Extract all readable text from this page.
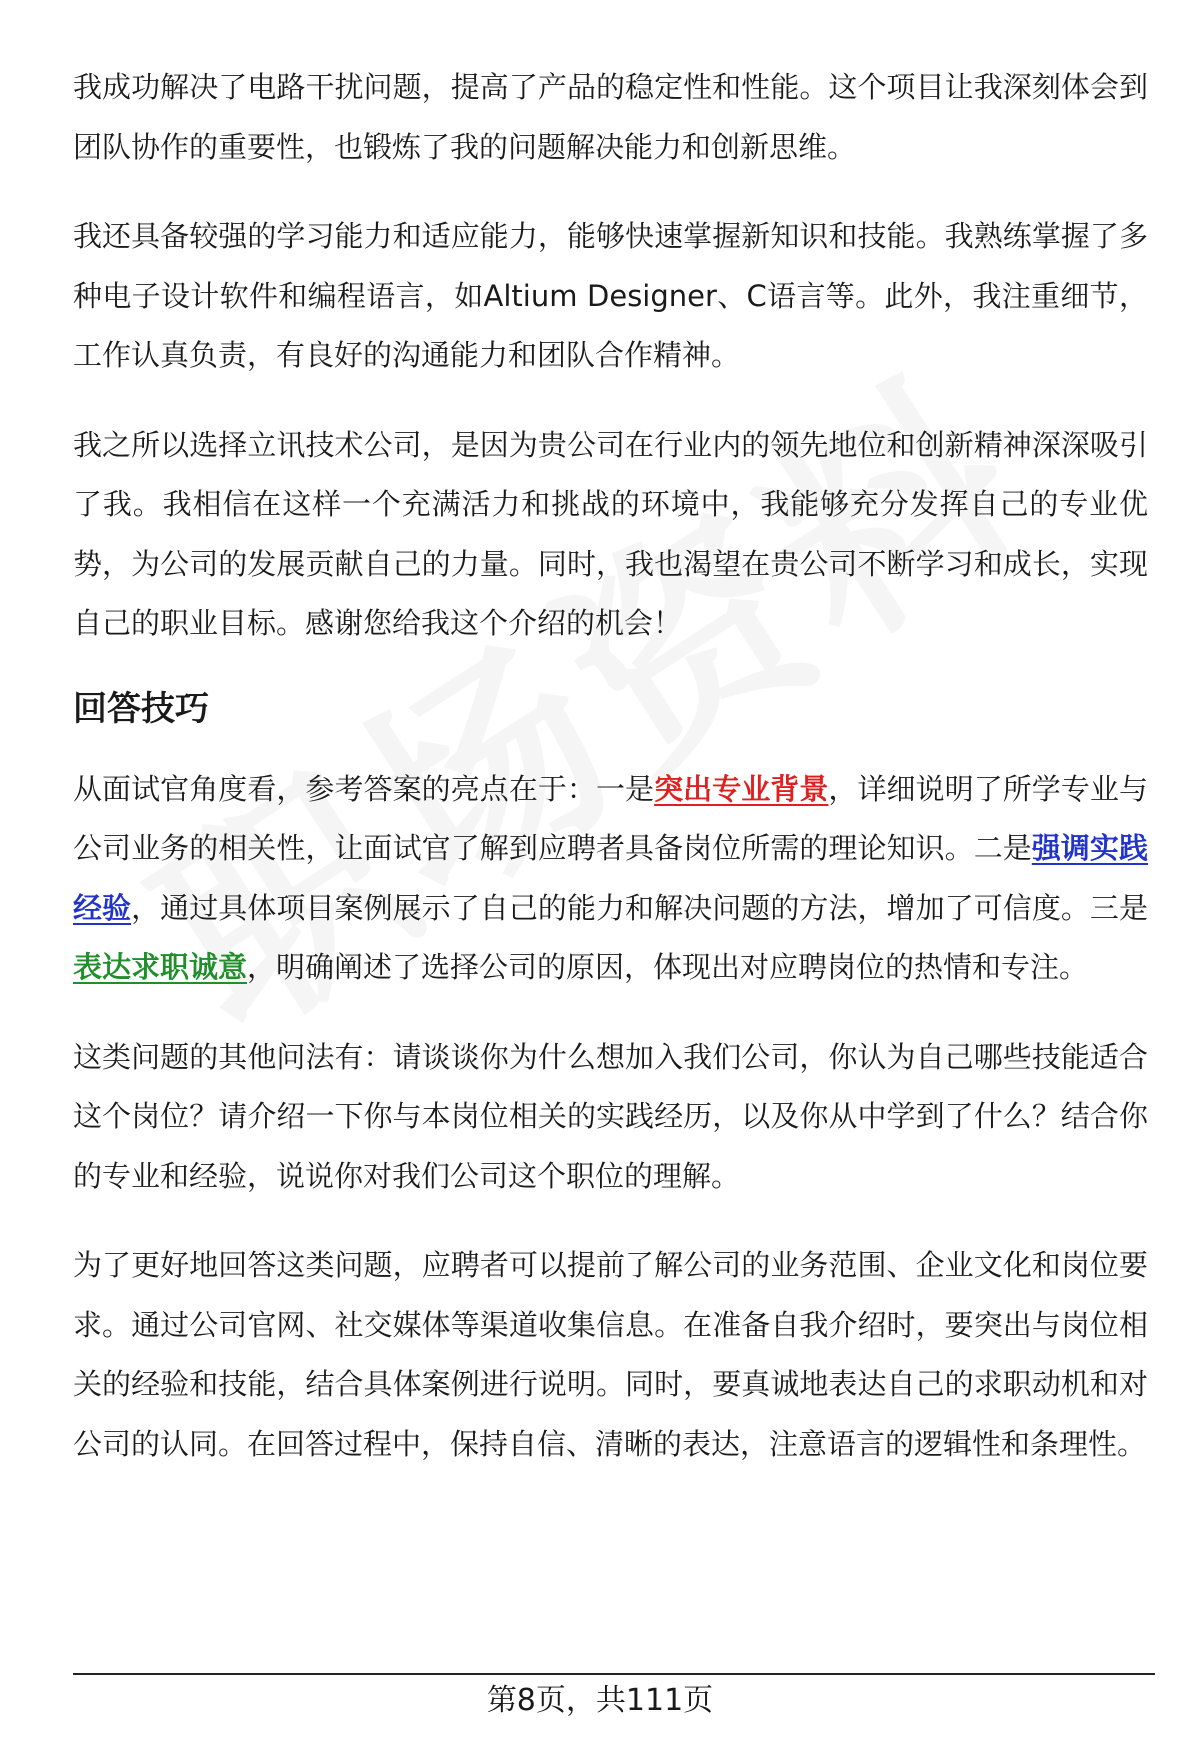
我成功解决了电路干扰问题，提高了产品的稳定性和性能。这个项目让我深刻体会到团队协作的重要性，也锻炼了我的问题解决能力和创新思维。

我还具备较强的学习能力和适应能力，能够快速掌握新知识和技能。我熟练掌握了多种电子设计软件和编程语言，如Altium Designer、C语言等。此外，我注重细节，工作认真负责，有良好的沟通能力和团队合作精神。

我之所以选择立讯技术公司，是因为贵公司在行业内的领先地位和创新精神深深吸引了我。我相信在这样一个充满活力和挑战的环境中，我能够充分发挥自己的专业优势，为公司的发展贡献自己的力量。同时，我也渴望在贵公司不断学习和成长，实现自己的职业目标。感谢您给我这个介绍的机会！

回答技巧

从面试官角度看，参考答案的亮点在于：一是突出专业背景，详细说明了所学专业与公司业务的相关性，让面试官了解到应聘者具备岗位所需的理论知识。二是强调实践经验，通过具体项目案例展示了自己的能力和解决问题的方法，增加了可信度。三是表达求职诚意，明确阐述了选择公司的原因，体现出对应聘岗位的热情和专注。

这类问题的其他问法有：请谈谈你为什么想加入我们公司，你认为自己哪些技能适合这个岗位？请介绍一下你与本岗位相关的实践经历，以及你从中学到了什么？结合你的专业和经验，说说你对我们公司这个职位的理解。

为了更好地回答这类问题，应聘者可以提前了解公司的业务范围、企业文化和岗位要求。通过公司官网、社交媒体等渠道收集信息。在准备自我介绍时，要突出与岗位相关的经验和技能，结合具体案例进行说明。同时，要真诚地表达自己的求职动机和对公司的认同。在回答过程中，保持自信、清晰的表达，注意语言的逻辑性和条理性。

第8页，共111页
